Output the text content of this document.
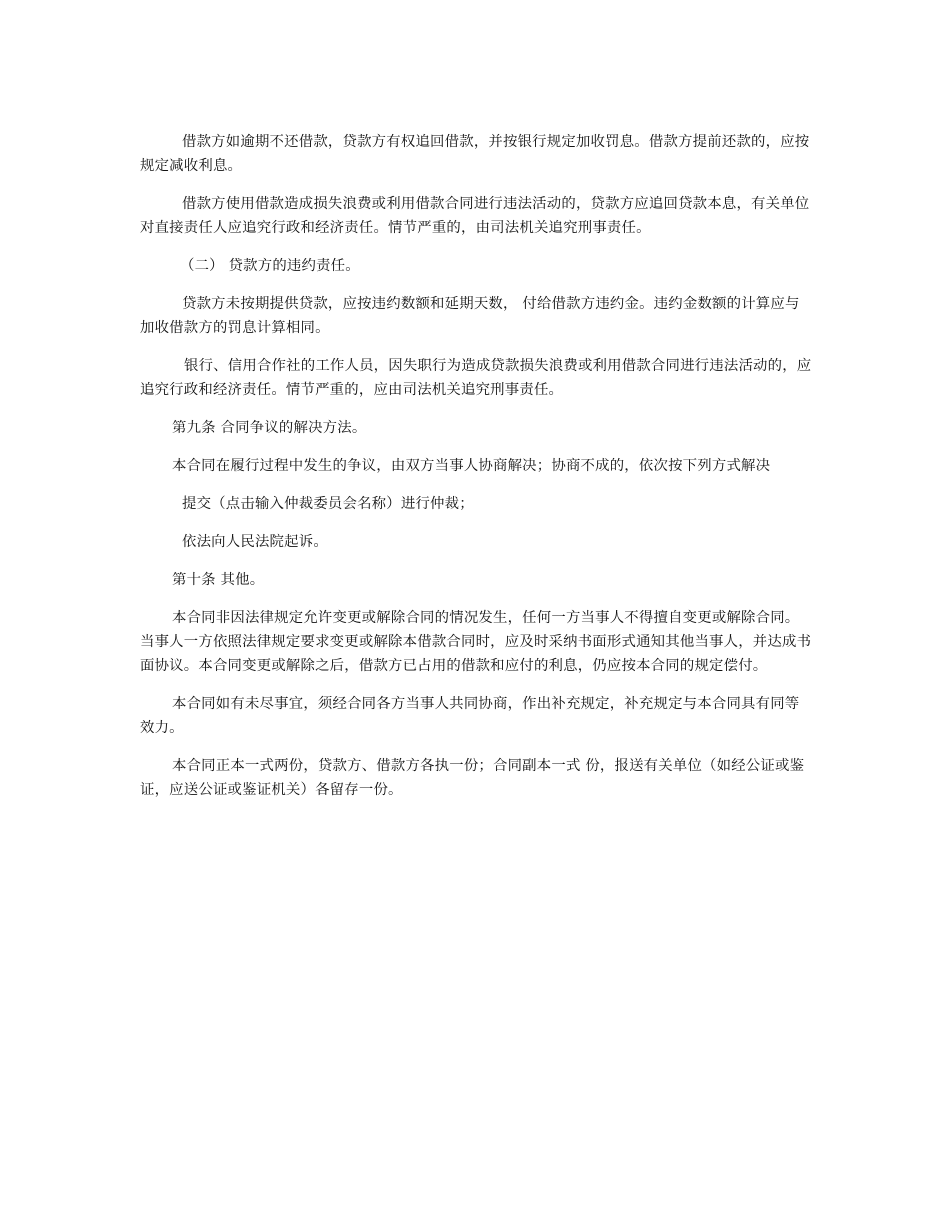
借款方如逾期不还借款，贷款方有权追回借款，并按银行规定加收罚息。借款方提前还款的，应按规定减收利息。

借款方使用借款造成损失浪费或利用借款合同进行违法活动的，贷款方应追回贷款本息，有关单位对直接责任人应追究行政和经济责任。情节严重的，由司法机关追究刑事责任。

（二） 贷款方的违约责任。

贷款方未按期提供贷款，应按违约数额和延期天数， 付给借款方违约金。违约金数额的计算应与加收借款方的罚息计算相同。

银行、信用合作社的工作人员，因失职行为造成贷款损失浪费或利用借款合同进行违法活动的，应追究行政和经济责任。情节严重的，应由司法机关追究刑事责任。

第九条 合同争议的解决方法。

本合同在履行过程中发生的争议，由双方当事人协商解决；协商不成的，依次按下列方式解决

提交（点击输入仲裁委员会名称）进行仲裁；

依法向人民法院起诉。

第十条 其他。

本合同非因法律规定允许变更或解除合同的情况发生，任何一方当事人不得擅自变更或解除合同。当事人一方依照法律规定要求变更或解除本借款合同时，应及时采纳书面形式通知其他当事人，并达成书面协议。本合同变更或解除之后，借款方已占用的借款和应付的利息，仍应按本合同的规定偿付。

本合同如有未尽事宜，须经合同各方当事人共同协商，作出补充规定，补充规定与本合同具有同等效力。

本合同正本一式两份，贷款方、借款方各执一份；合同副本一式 份，报送有关单位（如经公证或鉴证，应送公证或鉴证机关）各留存一份。
